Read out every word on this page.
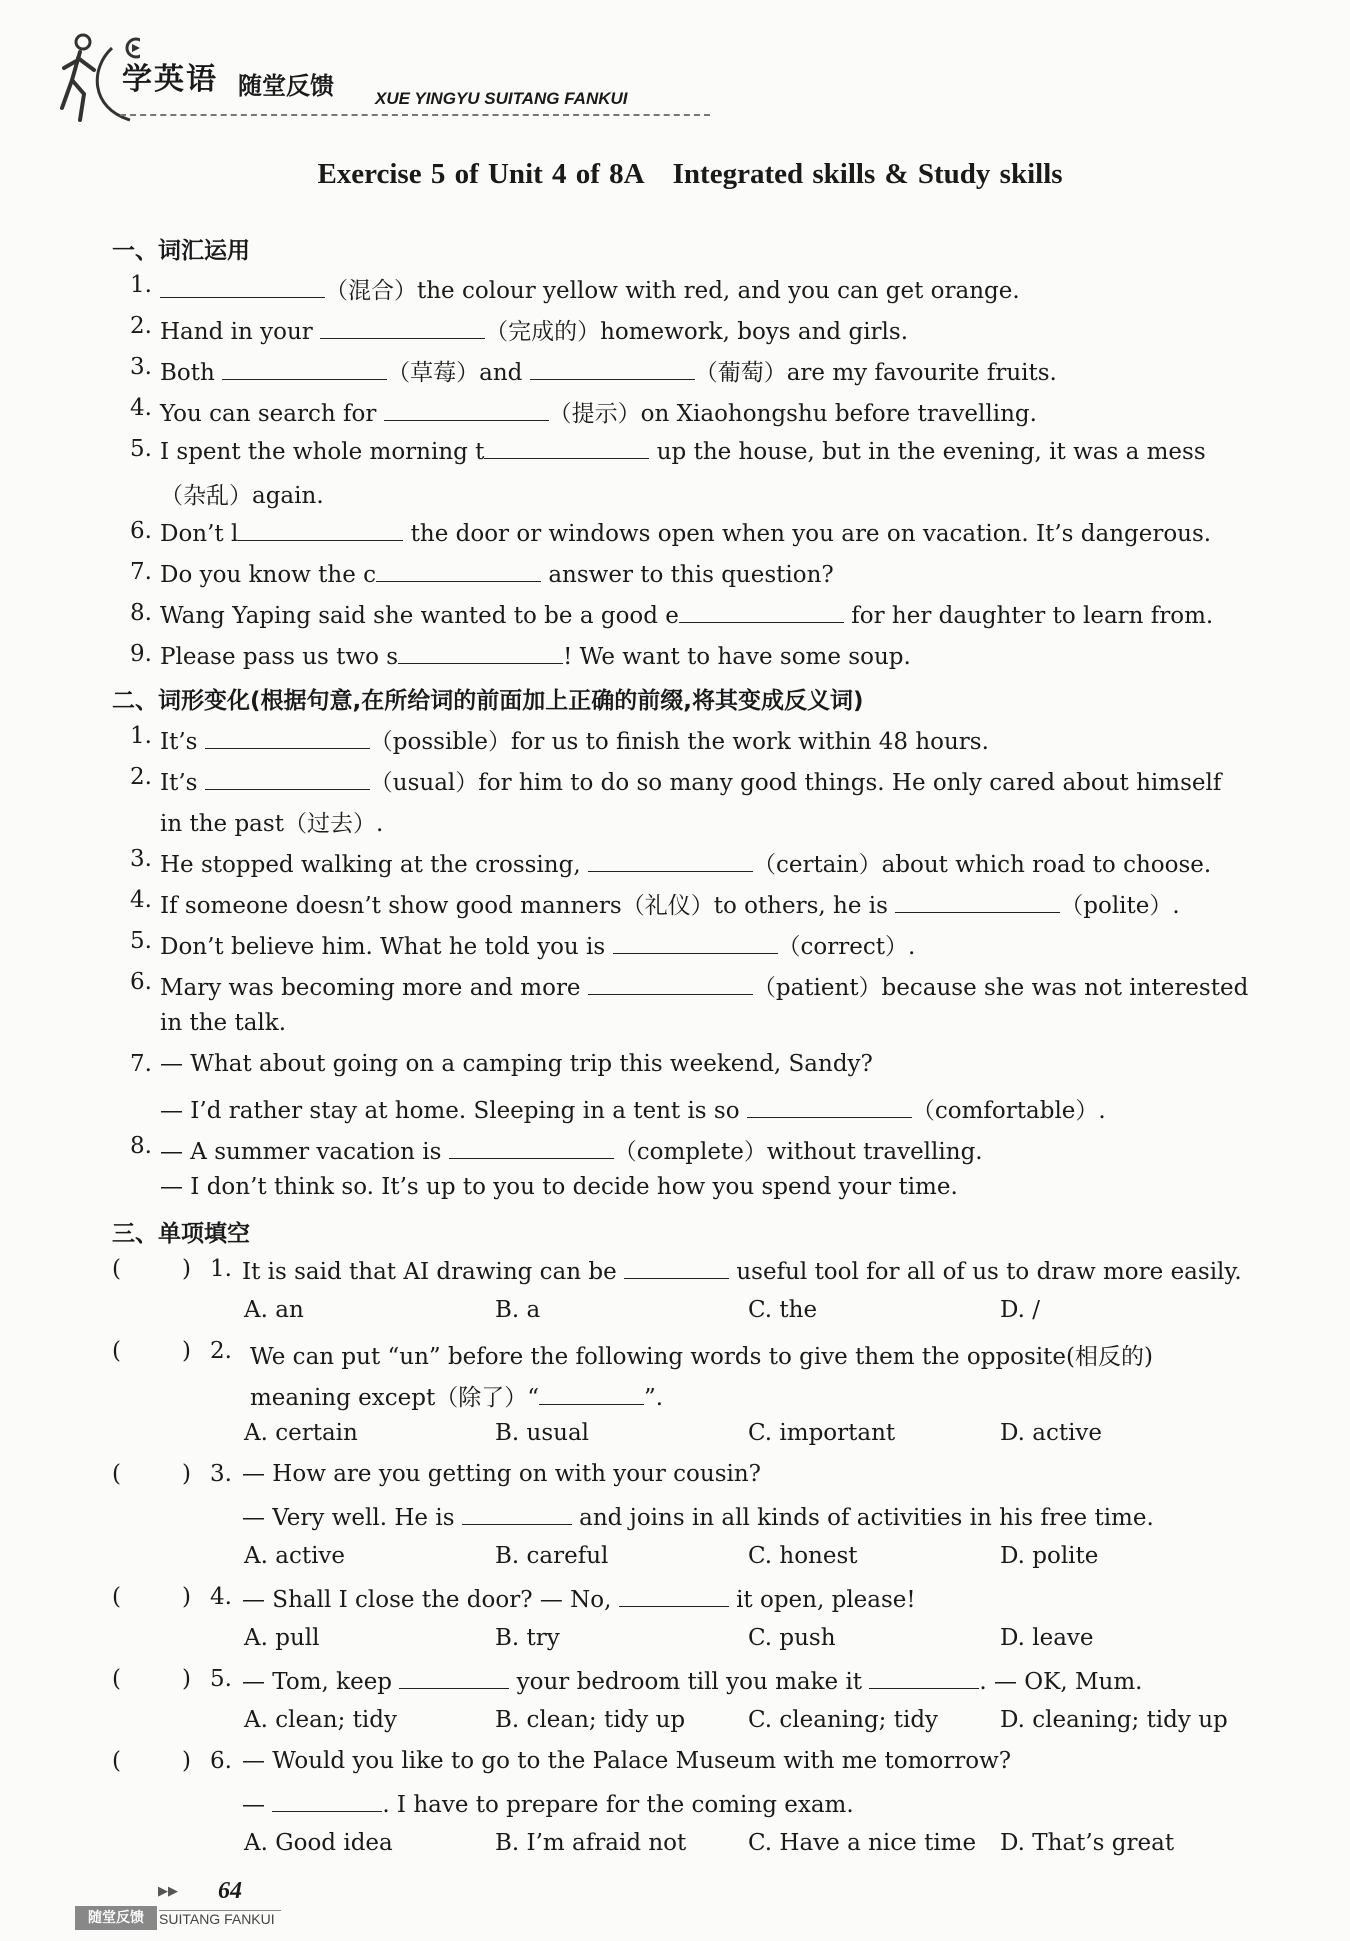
学英语 随堂反馈 XUE YINGYU SUITANG FANKUI
Exercise 5 of Unit 4 of 8A Integrated skills & Study skills
一、词汇运用
1.	（混合）the colour yellow with red, and you can get orange.
2. Hand in your	（完成的）homework, boys and girls.
3. Both	（草莓）and	（葡萄）are my favourite fruits.
4. You can search for	（提示）on Xiaohongshu before travelling.
5. I spent the whole morning t	up the house, but in the evening, it was a mess
（杂乱）again.
6. Don’t l	the door or windows open when you are on vacation. It’s dangerous.
7. Do you know the c	answer to this question?
8. Wang Yaping said she wanted to be a good e	for her daughter to learn from.
9. Please pass us two s	! We want to have some soup.
二、词形变化(根据句意,在所给词的前面加上正确的前缀,将其变成反义词)
1. It’s	（possible）for us to finish the work within 48 hours.
2. It’s	（usual）for him to do so many good things. He only cared about himself
in the past（过去）.
3. He stopped walking at the crossing,	（certain）about which road to choose.
4. If someone doesn’t show good manners（礼仪）to others, he is	（polite）.
5. Don’t believe him. What he told you is	（correct）.
6. Mary was becoming more and more	（patient）because she was not interested
in the talk.
7. — What about going on a camping trip this weekend, Sandy?
— I’d rather stay at home. Sleeping in a tent is so	（comfortable）.
8. — A summer vacation is	（complete）without travelling.
— I don’t think so. It’s up to you to decide how you spend your time.
三、单项填空
(	) 1. It is said that AI drawing can be	useful tool for all of us to draw more easily.
A. an	B. a	C. the	D. /
(	) 2. We can put “un” before the following words to give them the opposite(相反的)
meaning except（除了）“	”.
A. certain	B. usual	C. important	D. active
(	) 3. — How are you getting on with your cousin?
— Very well. He is	and joins in all kinds of activities in his free time.
A. active	B. careful	C. honest	D. polite
(	) 4. — Shall I close the door? — No,	it open, please!
A. pull	B. try	C. push	D. leave
(	) 5. — Tom, keep	your bedroom till you make it	. — OK, Mum.
A. clean; tidy	B. clean; tidy up	C. cleaning; tidy	D. cleaning; tidy up
(	) 6. — Would you like to go to the Palace Museum with me tomorrow?
—	. I have to prepare for the coming exam.
A. Good idea	B. I’m afraid not	C. Have a nice time D. That’s great
▶▶ 64
随堂反馈	SUITANG FANKUI
